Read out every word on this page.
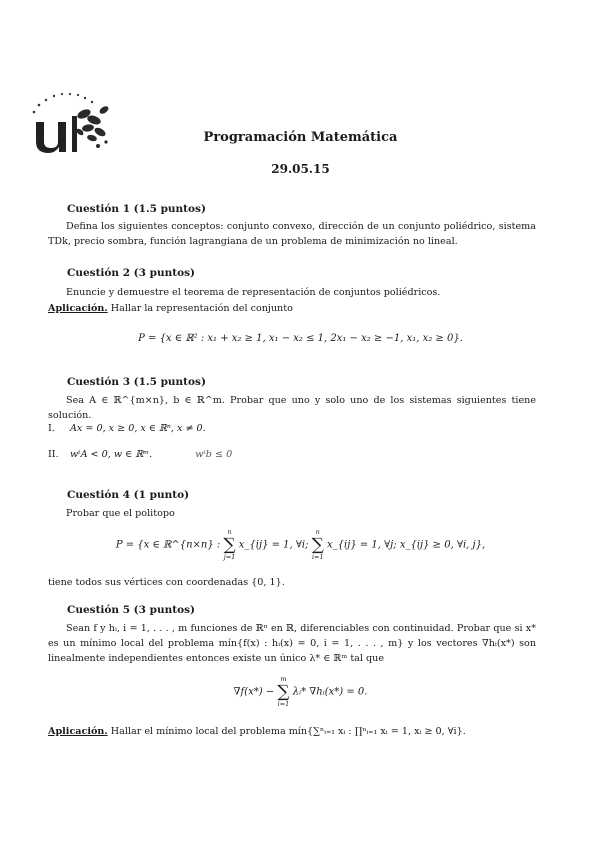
Programación Matemática
29.05.15
Cuestión 1 (1.5 puntos)
Defina los siguientes conceptos: conjunto convexo, dirección de un conjunto poliédrico, sistema TDk, precio sombra, función lagrangiana de un problema de minimización no lineal.
Cuestión 2 (3 puntos)
Enuncie y demuestre el teorema de representación de conjuntos poliédricos.
Aplicación. Hallar la representación del conjunto
P = {x ∈ ℝ² : x₁ + x₂ ≥ 1, x₁ − x₂ ≤ 1, 2x₁ − x₂ ≥ −1, x₁, x₂ ≥ 0}.
Cuestión 3 (1.5 puntos)
Sea A ∈ ℝ^{m×n}, b ∈ ℝ^m. Probar que uno y solo uno de los sistemas siguientes tiene solución.
I. Ax = 0, x ≥ 0, x ∈ ℝⁿ, x ≠ 0.
II. wᵗA < 0, w ∈ ℝᵐ.	wᵗb ≤ 0
Cuestión 4 (1 punto)
Probar que el politopo
P = {x ∈ ℝ^{n×n} :
n
∑
j=1
x_{ij} = 1, ∀i;
n
∑
i=1
x_{ij} = 1, ∀j; x_{ij} ≥ 0, ∀i, j},
tiene todos sus vértices con coordenadas {0, 1}.
Cuestión 5 (3 puntos)
Sean f y hᵢ, i = 1, . . . , m funciones de ℝⁿ en ℝ, diferenciables con continuidad. Probar que si x* es un mínimo local del problema mín{f(x) : hᵢ(x) = 0, i = 1, . . . , m} y los vectores ∇hᵢ(x*) son linealmente independientes entonces existe un único λ* ∈ ℝᵐ tal que
∇f(x*) −
m
∑
i=1
λᵢ* ∇hᵢ(x*) = 0.
Aplicación. Hallar el mínimo local del problema mín{∑ⁿᵢ₌₁ xᵢ : ∏ⁿᵢ₌₁ xᵢ = 1, xᵢ ≥ 0, ∀i}.
